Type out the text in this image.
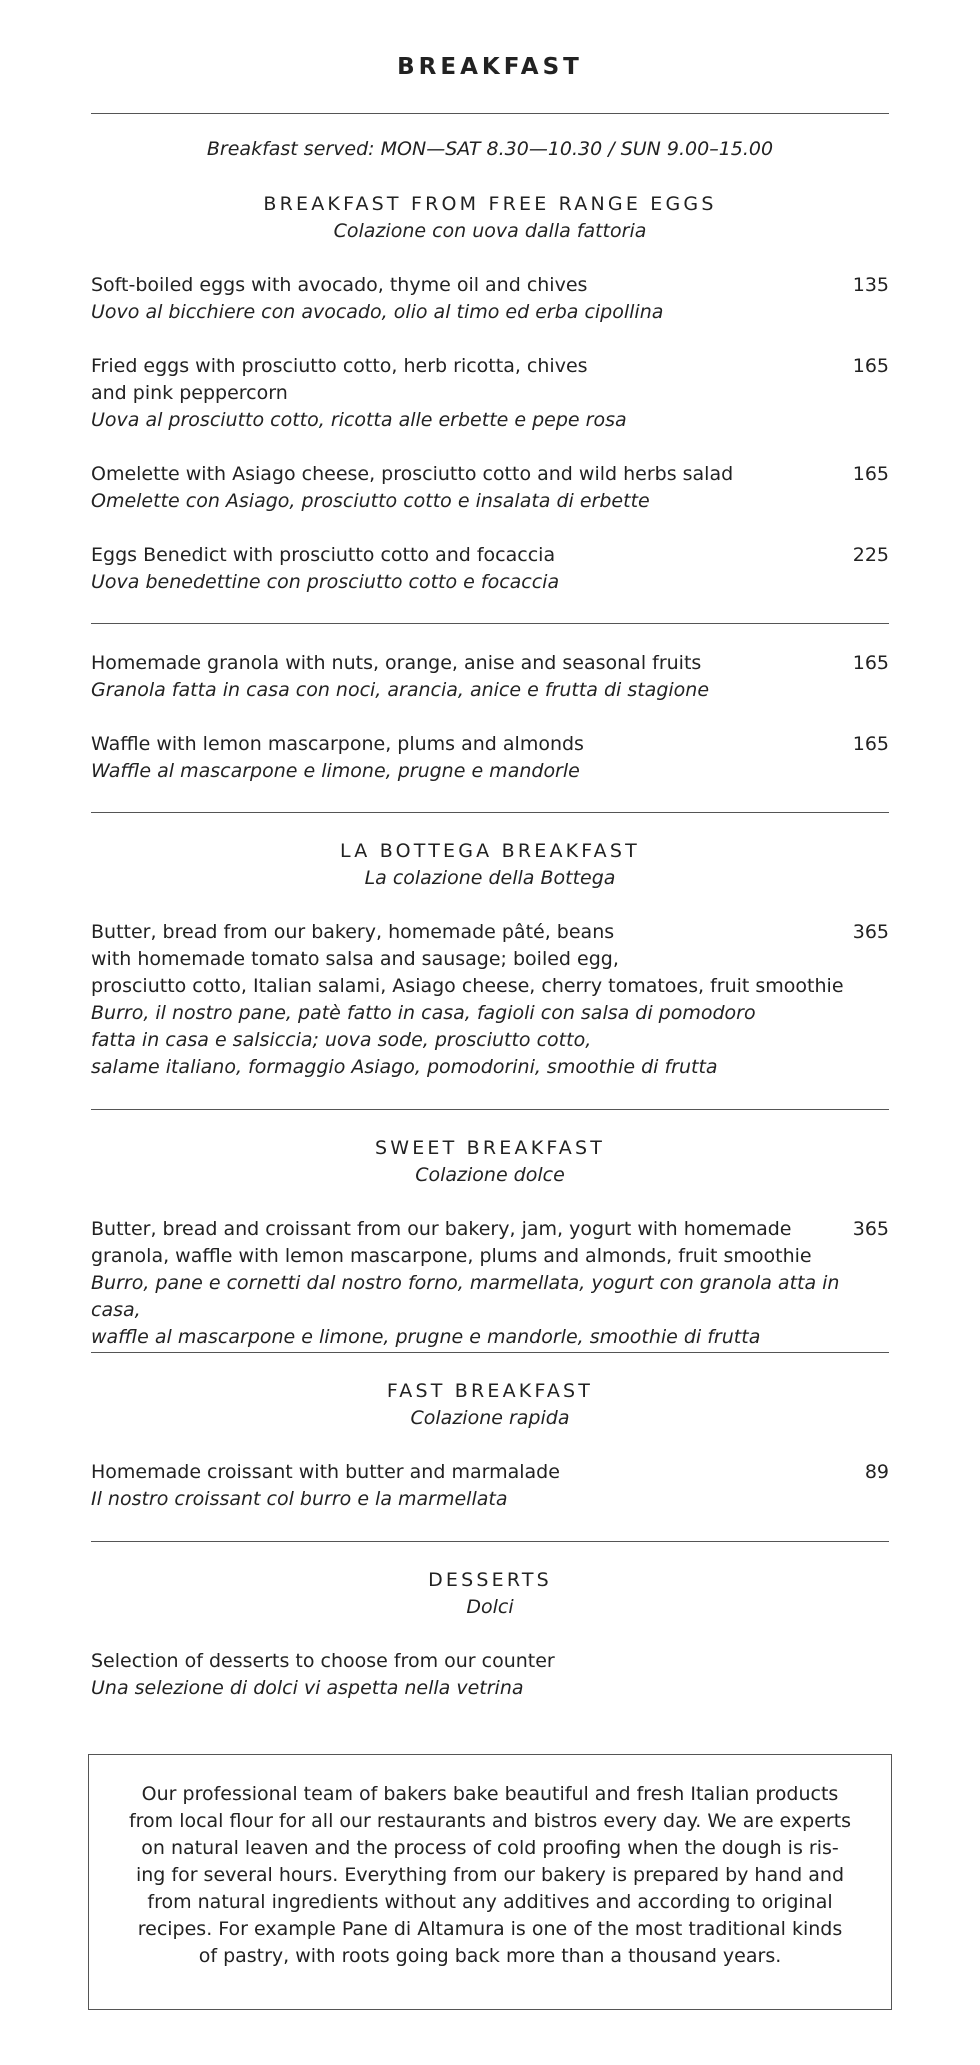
BREAKFAST
Breakfast served: MON—SAT 8.30—10.30 / SUN 9.00–15.00
BREAKFAST FROM FREE RANGE EGGS
Colazione con uova dalla fattoria
Soft-boiled eggs with avocado, thyme oil and chives
Uovo al bicchiere con avocado, olio al timo ed erba cipollina
135
Fried eggs with prosciutto cotto, herb ricotta, chives
and pink peppercorn
Uova al prosciutto cotto, ricotta alle erbette e pepe rosa
165
Omelette with Asiago cheese, prosciutto cotto and wild herbs salad
Omelette con Asiago, prosciutto cotto e insalata di erbette
165
Eggs Benedict with prosciutto cotto and focaccia
Uova benedettine con prosciutto cotto e focaccia
225
Homemade granola with nuts, orange, anise and seasonal fruits
Granola fatta in casa con noci, arancia, anice e frutta di stagione
165
Waffle with lemon mascarpone, plums and almonds
Waffle al mascarpone e limone, prugne e mandorle
165
LA BOTTEGA BREAKFAST
La colazione della Bottega
Butter, bread from our bakery, homemade pâté, beans
with homemade tomato salsa and sausage; boiled egg,
prosciutto cotto, Italian salami, Asiago cheese, cherry tomatoes, fruit smoothie
Burro, il nostro pane, patè fatto in casa, fagioli con salsa di pomodoro
fatta in casa e salsiccia; uova sode, prosciutto cotto,
salame italiano, formaggio Asiago, pomodorini, smoothie di frutta
365
SWEET BREAKFAST
Colazione dolce
Butter, bread and croissant from our bakery, jam, yogurt with homemade
granola, waffle with lemon mascarpone, plums and almonds, fruit smoothie
Burro, pane e cornetti dal nostro forno, marmellata, yogurt con granola atta in casa,
waffle al mascarpone e limone, prugne e mandorle, smoothie di frutta
365
FAST BREAKFAST
Colazione rapida
Homemade croissant with butter and marmalade
Il nostro croissant col burro e la marmellata
89
DESSERTS
Dolci
Selection of desserts to choose from our counter
Una selezione di dolci vi aspetta nella vetrina
Our professional team of bakers bake beautiful and fresh Italian products
from local flour for all our restaurants and bistros every day. We are experts
on natural leaven and the process of cold proofing when the dough is ris-
ing for several hours. Everything from our bakery is prepared by hand and
from natural ingredients without any additives and according to original
recipes. For example Pane di Altamura is one of the most traditional kinds
of pastry, with roots going back more than a thousand years.
